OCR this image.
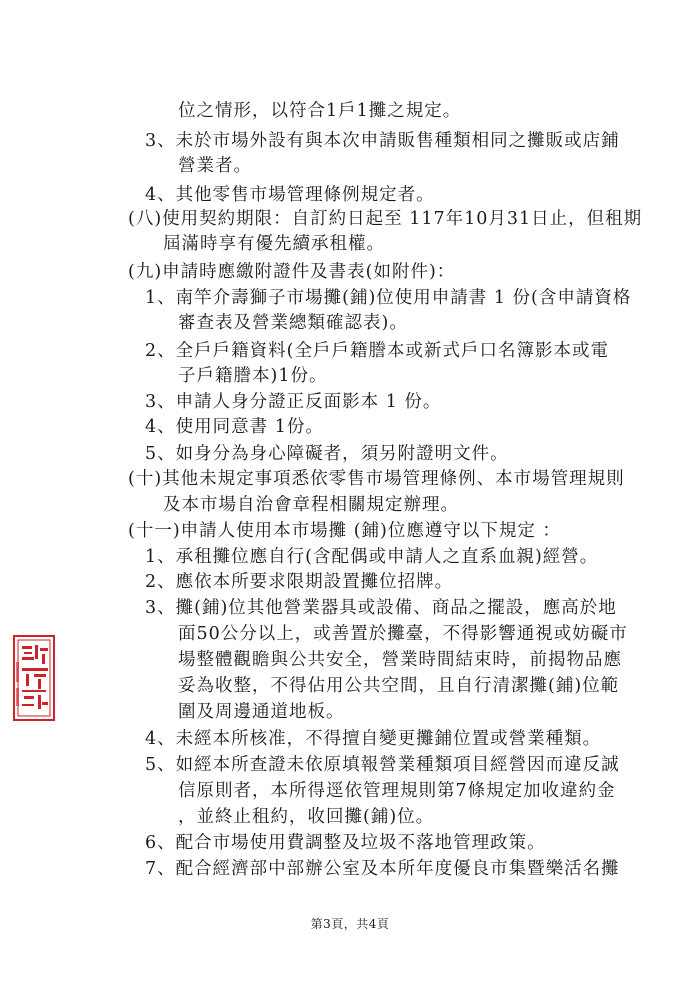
位之情形，以符合1戶1攤之規定。
3、未於市場外設有與本次申請販售種類相同之攤販或店鋪
營業者。
4、其他零售市場管理條例規定者。
(八)使用契約期限：自訂約日起至 117年10月31日止，但租期
屆滿時享有優先續承租權。
(九)申請時應繳附證件及書表(如附件)：
1、南竿介壽獅子市場攤(鋪)位使用申請書 1 份(含申請資格
審查表及營業總類確認表)。
2、全戶戶籍資料(全戶戶籍謄本或新式戶口名簿影本或電
子戶籍謄本)1份。
3、申請人身分證正反面影本 1 份。
4、使用同意書 1份。
5、如身分為身心障礙者，須另附證明文件。
(十)其他未規定事項悉依零售市場管理條例、本市場管理規則
及本市場自治會章程相關規定辦理。
(十一)申請人使用本市場攤 (鋪)位應遵守以下規定 ：
1、承租攤位應自行(含配偶或申請人之直系血親)經營。
2、應依本所要求限期設置攤位招牌。
3、攤(鋪)位其他營業器具或設備、商品之擺設，應高於地
面50公分以上，或善置於攤臺，不得影響通視或妨礙市
場整體觀瞻與公共安全，營業時間結束時，前揭物品應
妥為收整，不得佔用公共空間，且自行清潔攤(鋪)位範
圍及周邊通道地板。
4、未經本所核准，不得擅自變更攤鋪位置或營業種類。
5、如經本所查證未依原填報營業種類項目經營因而違反誠
信原則者，本所得逕依管理規則第7條規定加收違約金
，並終止租約，收回攤(鋪)位。
6、配合市場使用費調整及垃圾不落地管理政策。
7、配合經濟部中部辦公室及本所年度優良市集暨樂活名攤
第3頁，共4頁
